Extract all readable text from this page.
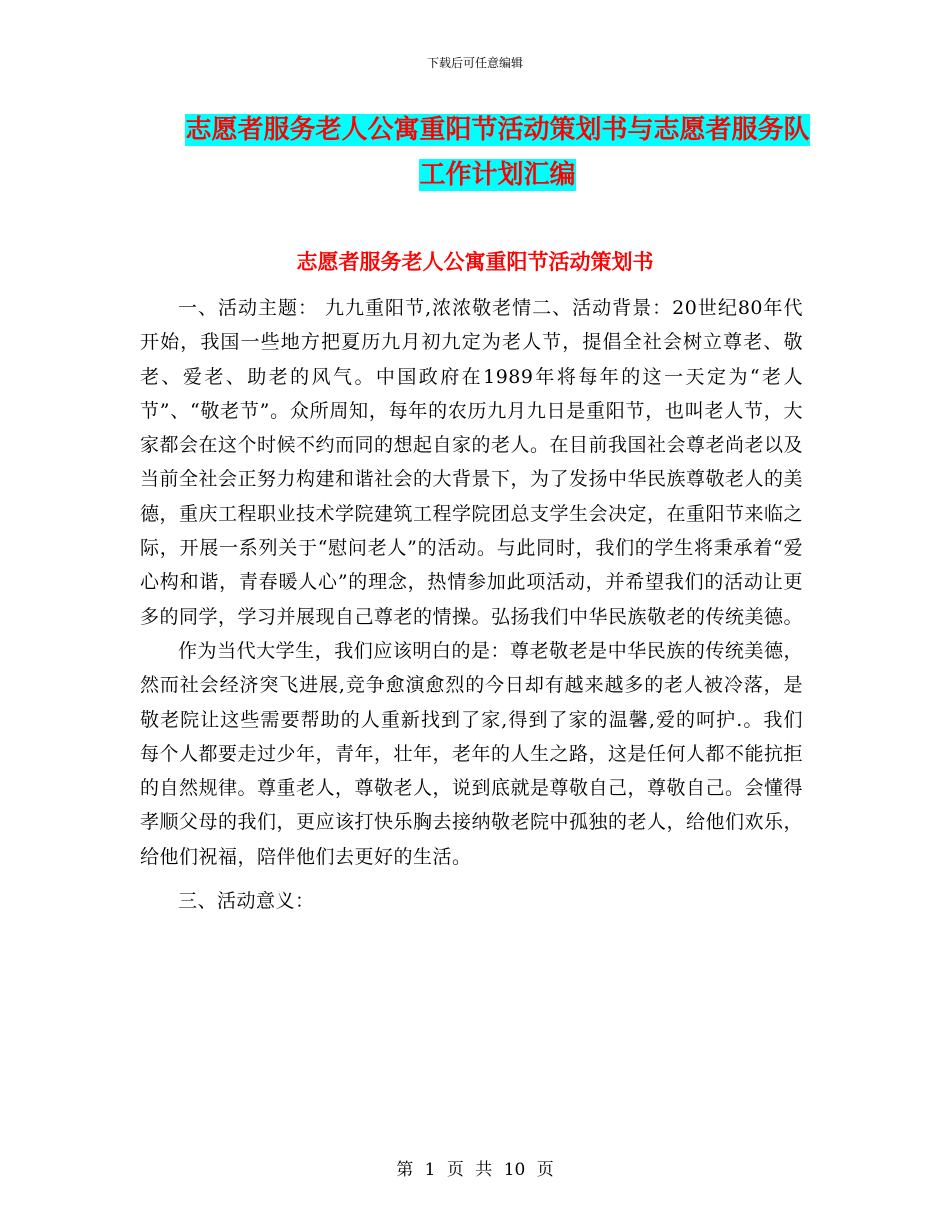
下载后可任意编辑
志愿者服务老人公寓重阳节活动策划书与志愿者服务队工作计划汇编
志愿者服务老人公寓重阳节活动策划书

一、活动主题： 九九重阳节,浓浓敬老情二、活动背景：20世纪80年代开始，我国一些地方把夏历九月初九定为老人节，提倡全社会树立尊老、敬老、爱老、助老的风气。中国政府在1989年将每年的这一天定为“老人节”、“敬老节”。众所周知，每年的农历九月九日是重阳节，也叫老人节，大家都会在这个时候不约而同的想起自家的老人。在目前我国社会尊老尚老以及当前全社会正努力构建和谐社会的大背景下，为了发扬中华民族尊敬老人的美德，重庆工程职业技术学院建筑工程学院团总支学生会决定，在重阳节来临之际，开展一系列关于“慰问老人”的活动。与此同时，我们的学生将秉承着“爱心构和谐，青春暖人心”的理念，热情参加此项活动，并希望我们的活动让更多的同学，学习并展现自己尊老的情操。弘扬我们中华民族敬老的传统美德。

作为当代大学生，我们应该明白的是：尊老敬老是中华民族的传统美德，然而社会经济突飞进展,竞争愈演愈烈的今日却有越来越多的老人被冷落，是敬老院让这些需要帮助的人重新找到了家,得到了家的温馨,爱的呵护.。我们每个人都要走过少年，青年，壮年，老年的人生之路，这是任何人都不能抗拒的自然规律。尊重老人，尊敬老人，说到底就是尊敬自己，尊敬自己。会懂得孝顺父母的我们，更应该打快乐胸去接纳敬老院中孤独的老人，给他们欢乐，给他们祝福，陪伴他们去更好的生活。

三、活动意义：

第 1 页 共 10 页
